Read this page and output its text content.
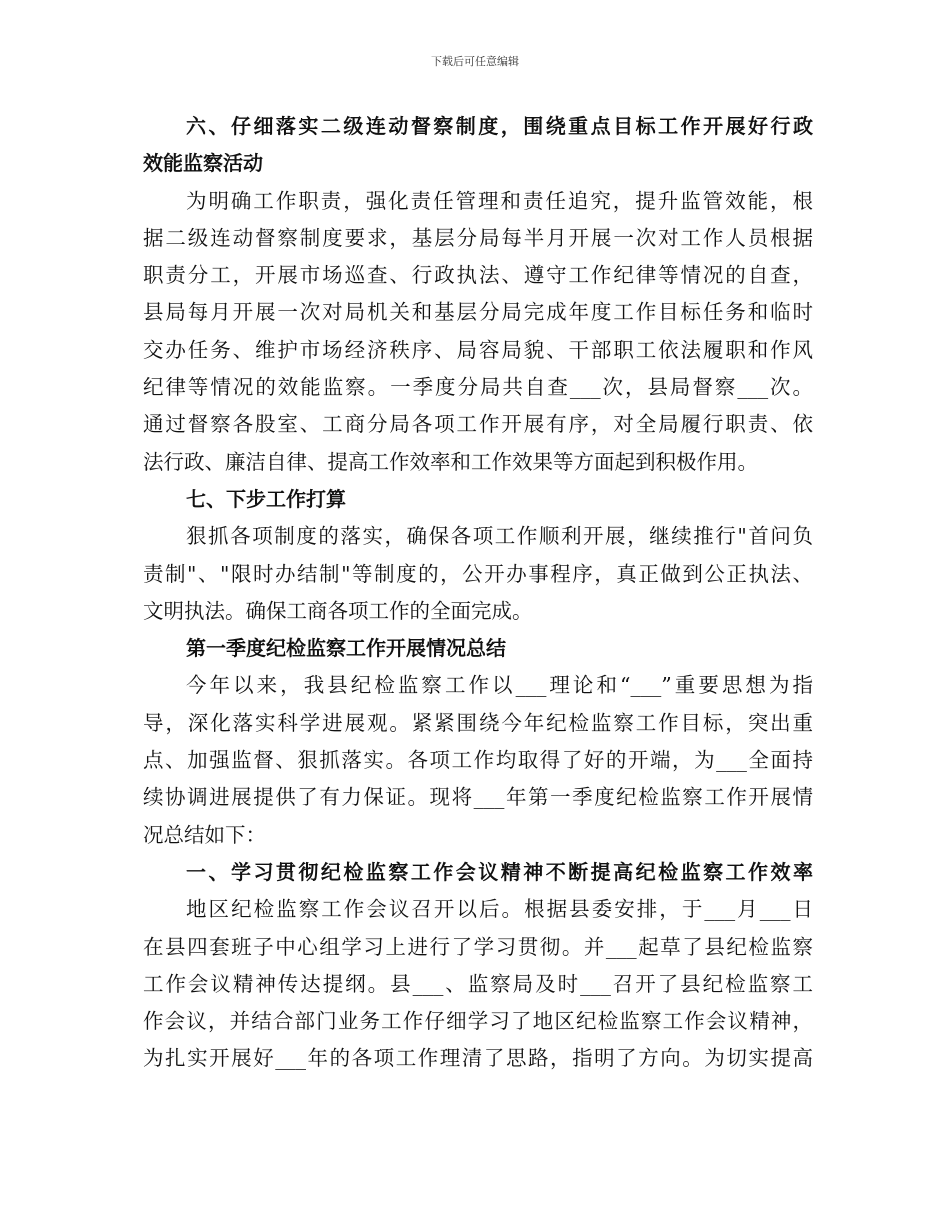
下载后可任意编辑
六、仔细落实二级连动督察制度，围绕重点目标工作开展好行政
效能监察活动
为明确工作职责，强化责任管理和责任追究，提升监管效能，根
据二级连动督察制度要求，基层分局每半月开展一次对工作人员根据
职责分工，开展市场巡查、行政执法、遵守工作纪律等情况的自查，
县局每月开展一次对局机关和基层分局完成年度工作目标任务和临时
交办任务、维护市场经济秩序、局容局貌、干部职工依法履职和作风
纪律等情况的效能监察。一季度分局共自查___次，县局督察___次。
通过督察各股室、工商分局各项工作开展有序，对全局履行职责、依
法行政、廉洁自律、提高工作效率和工作效果等方面起到积极作用。
七、下步工作打算
狠抓各项制度的落实，确保各项工作顺利开展，继续推行"首问负
责制"、"限时办结制"等制度的，公开办事程序，真正做到公正执法、
文明执法。确保工商各项工作的全面完成。
第一季度纪检监察工作开展情况总结
今年以来，我县纪检监察工作以___理论和“___”重要思想为指
导，深化落实科学进展观。紧紧围绕今年纪检监察工作目标，突出重
点、加强监督、狠抓落实。各项工作均取得了好的开端，为___全面持
续协调进展提供了有力保证。现将___年第一季度纪检监察工作开展情
况总结如下：
一、学习贯彻纪检监察工作会议精神不断提高纪检监察工作效率
地区纪检监察工作会议召开以后。根据县委安排，于___月___日
在县四套班子中心组学习上进行了学习贯彻。并___起草了县纪检监察
工作会议精神传达提纲。县___、监察局及时___召开了县纪检监察工
作会议，并结合部门业务工作仔细学习了地区纪检监察工作会议精神，
为扎实开展好___年的各项工作理清了思路，指明了方向。为切实提高
